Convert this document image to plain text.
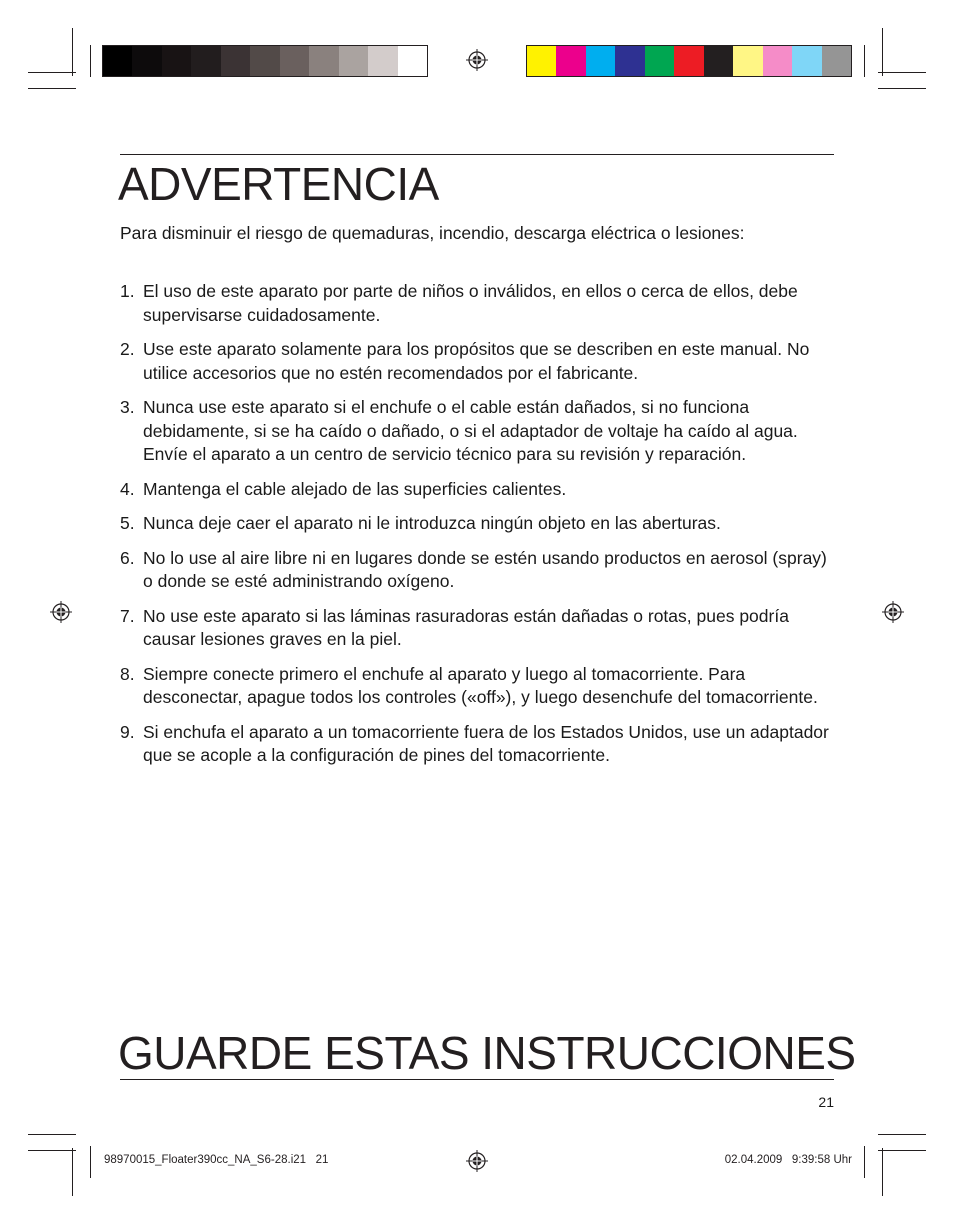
ADVERTENCIA

Para disminuir el riesgo de quemaduras, incendio, descarga eléctrica o lesiones:

1. El uso de este aparato por parte de niños o inválidos, en ellos o cerca de ellos, debe supervisarse cuidadosamente.
2. Use este aparato solamente para los propósitos que se describen en este manual. No utilice accesorios que no estén recomendados por el fabricante.
3. Nunca use este aparato si el enchufe o el cable están dañados, si no funciona debidamente, si se ha caído o dañado, o si el adaptador de voltaje ha caído al agua. Envíe el aparato a un centro de servicio técnico para su revisión y reparación.
4. Mantenga el cable alejado de las superficies calientes.
5. Nunca deje caer el aparato ni le introduzca ningún objeto en las aberturas.
6. No lo use al aire libre ni en lugares donde se estén usando productos en aerosol (spray) o donde se esté administrando oxígeno.
7. No use este aparato si las láminas rasuradoras están dañadas o rotas, pues podría causar lesiones graves en la piel.
8. Siempre conecte primero el enchufe al aparato y luego al tomacorriente. Para desconectar, apague todos los controles («off»), y luego desenchufe del tomacorriente.
9. Si enchufa el aparato a un tomacorriente fuera de los Estados Unidos, use un adaptador que se acople a la configuración de pines del tomacorriente.
GUARDE ESTAS INSTRUCCIONES
21
98970015_Floater390cc_NA_S6-28.i21   21	02.04.2009   9:39:58 Uhr
